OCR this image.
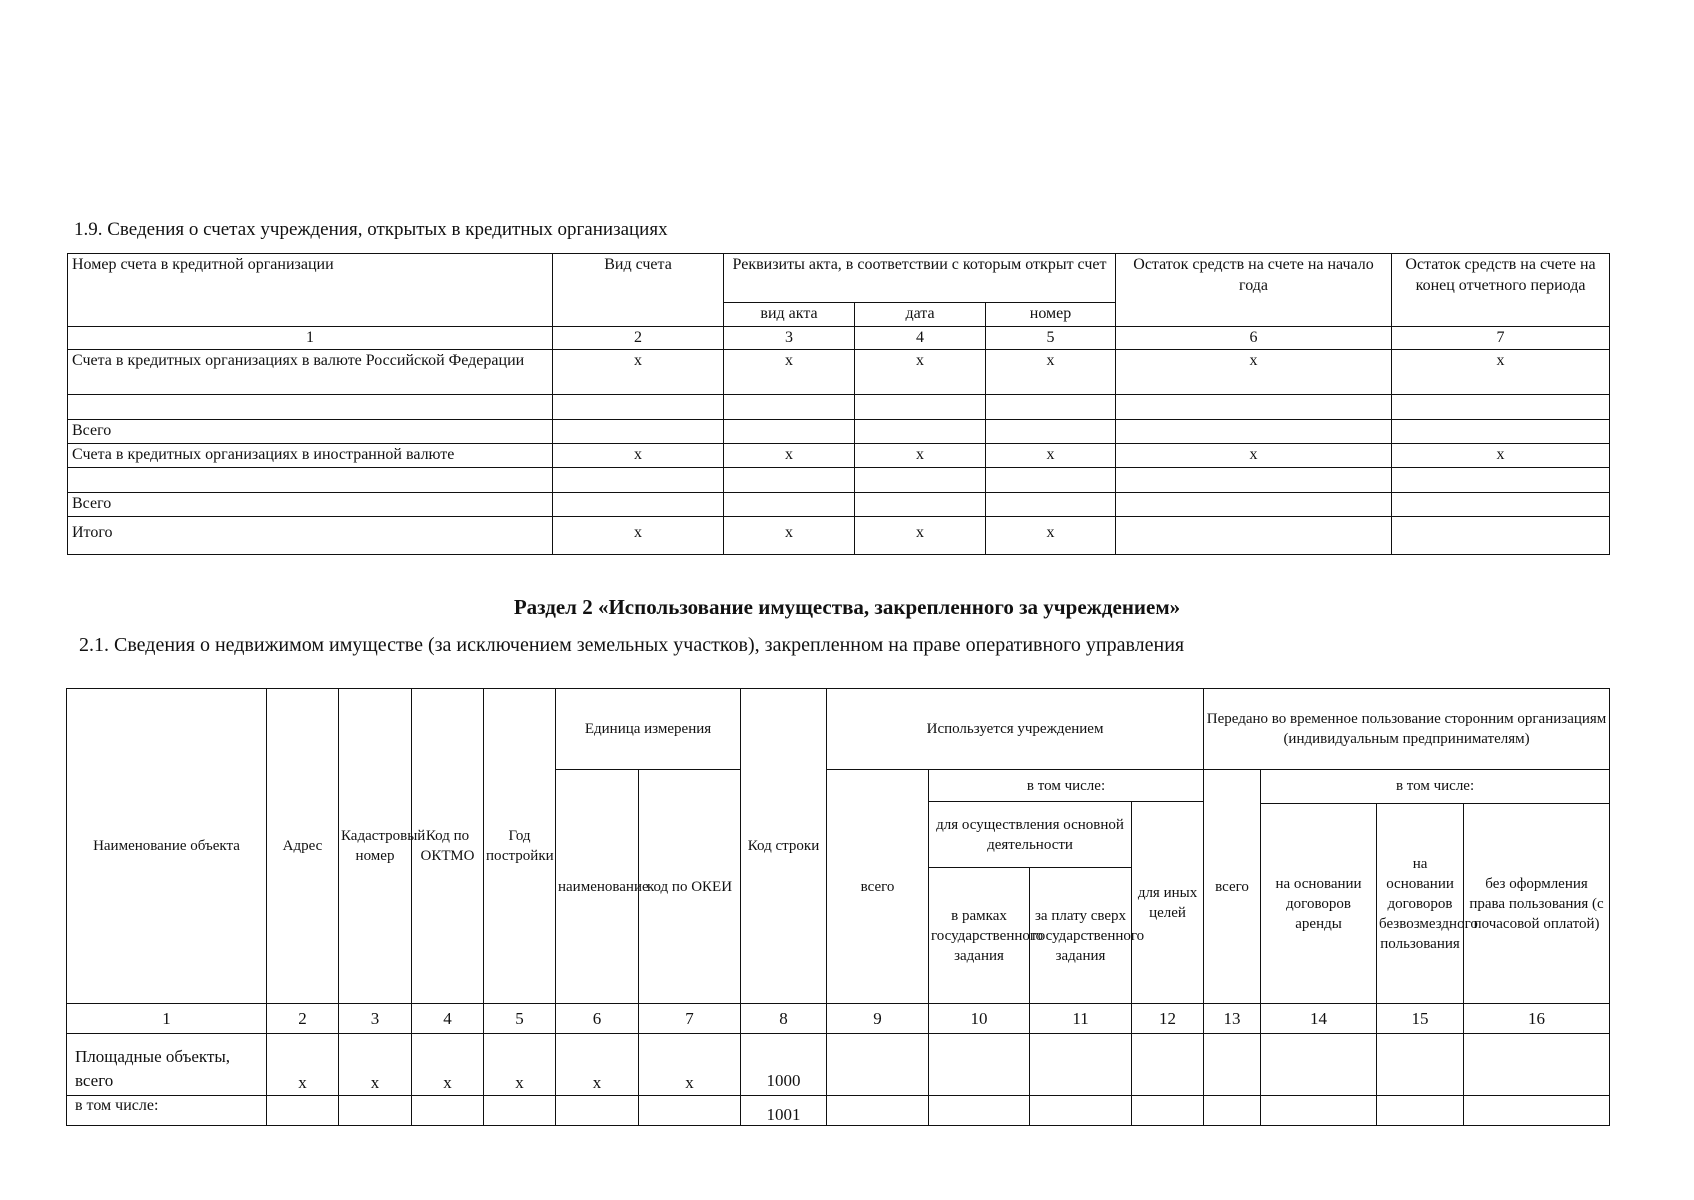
1.9. Сведения о счетах учреждения, открытых в кредитных организациях
Номер счета в кредитной организации	Вид счета	Реквизиты акта, в соответствии с которым открыт счет			Остаток средств на счете на начало года	Остаток средств на счете на конец отчетного периода
		вид акта	дата	номер		
1	2	3	4	5	6	7
Счета в кредитных организациях в валюте Российской Федерации	x	x	x	x	x	x

Всего						
Счета в кредитных организациях в иностранной валюте	x	x	x	x	x	x

Всего						
Итого	x	x	x	x		
Раздел 2 «Использование имущества, закрепленного за учреждением»
2.1. Сведения о недвижимом имуществе (за исключением земельных участков), закрепленном на праве оперативного управления
Наименование объекта	Адрес	Кадастровый номер	Код по ОКТМО	Год постройки	Единица измерения		Код строки	Используется учреждением				Передано во временное пользование сторонним организациям (индивидуальным предпринимателям)			
					наименование	код по ОКЕИ		всего	в том числе:			всего	в том числе:		
									для осуществления основной деятельности		для иных целей				
													на основании договоров аренды	на основании договоров безвозмездного пользования	без оформления права пользования (с почасовой оплатой)
									в рамках государственного задания	за плату сверх государственного задания					
1	2	3	4	5	6	7	8	9	10	11	12	13	14	15	16
Площадные объекты, всего	x	x	x	x	x	x	1000								
в том числе:							1001								
